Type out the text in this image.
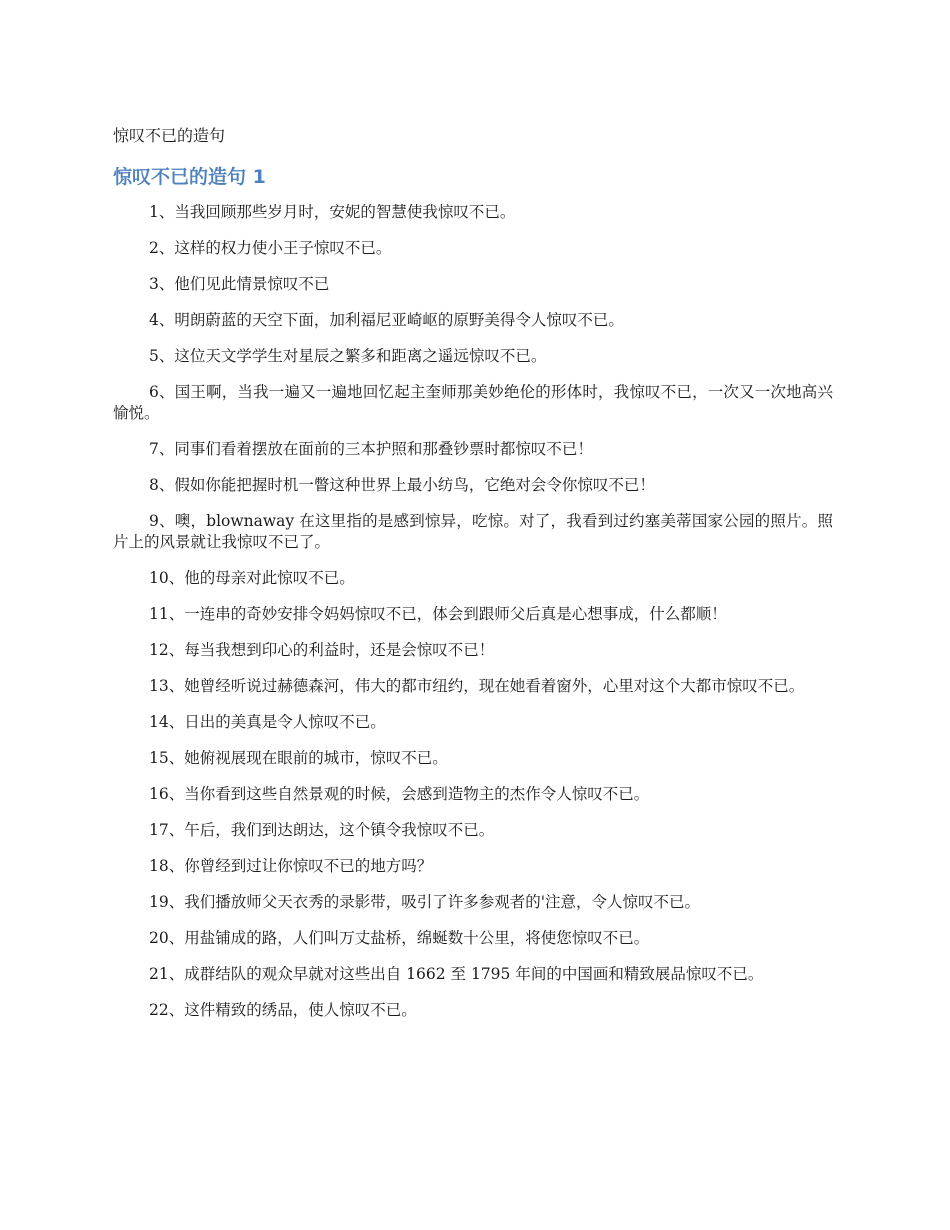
惊叹不已的造句

惊叹不已的造句 1

1、当我回顾那些岁月时，安妮的智慧使我惊叹不已。

2、这样的权力使小王子惊叹不已。

3、他们见此情景惊叹不已

4、明朗蔚蓝的天空下面，加利福尼亚崎岖的原野美得令人惊叹不已。

5、这位天文学学生对星辰之繁多和距离之遥远惊叹不已。

6、国王啊，当我一遍又一遍地回忆起主奎师那美妙绝伦的形体时，我惊叹不已，一次又一次地高兴愉悦。

7、同事们看着摆放在面前的三本护照和那叠钞票时都惊叹不已！

8、假如你能把握时机一瞥这种世界上最小纺鸟，它绝对会令你惊叹不已！

9、噢，blownaway 在这里指的是感到惊异，吃惊。对了，我看到过约塞美蒂国家公园的照片。照片上的风景就让我惊叹不已了。

10、他的母亲对此惊叹不已。

11、一连串的奇妙安排令妈妈惊叹不已，体会到跟师父后真是心想事成，什么都顺！

12、每当我想到印心的利益时，还是会惊叹不已！

13、她曾经听说过赫德森河，伟大的都市纽约，现在她看着窗外，心里对这个大都市惊叹不已。

14、日出的美真是令人惊叹不已。

15、她俯视展现在眼前的城市，惊叹不已。

16、当你看到这些自然景观的时候，会感到造物主的杰作令人惊叹不已。

17、午后，我们到达朗达，这个镇令我惊叹不已。

18、你曾经到过让你惊叹不已的地方吗？

19、我们播放师父天衣秀的录影带，吸引了许多参观者的'注意，令人惊叹不已。

20、用盐铺成的路，人们叫万丈盐桥，绵蜒数十公里，将使您惊叹不已。

21、成群结队的观众早就对这些出自 1662 至 1795 年间的中国画和精致展品惊叹不已。

22、这件精致的绣品，使人惊叹不已。
